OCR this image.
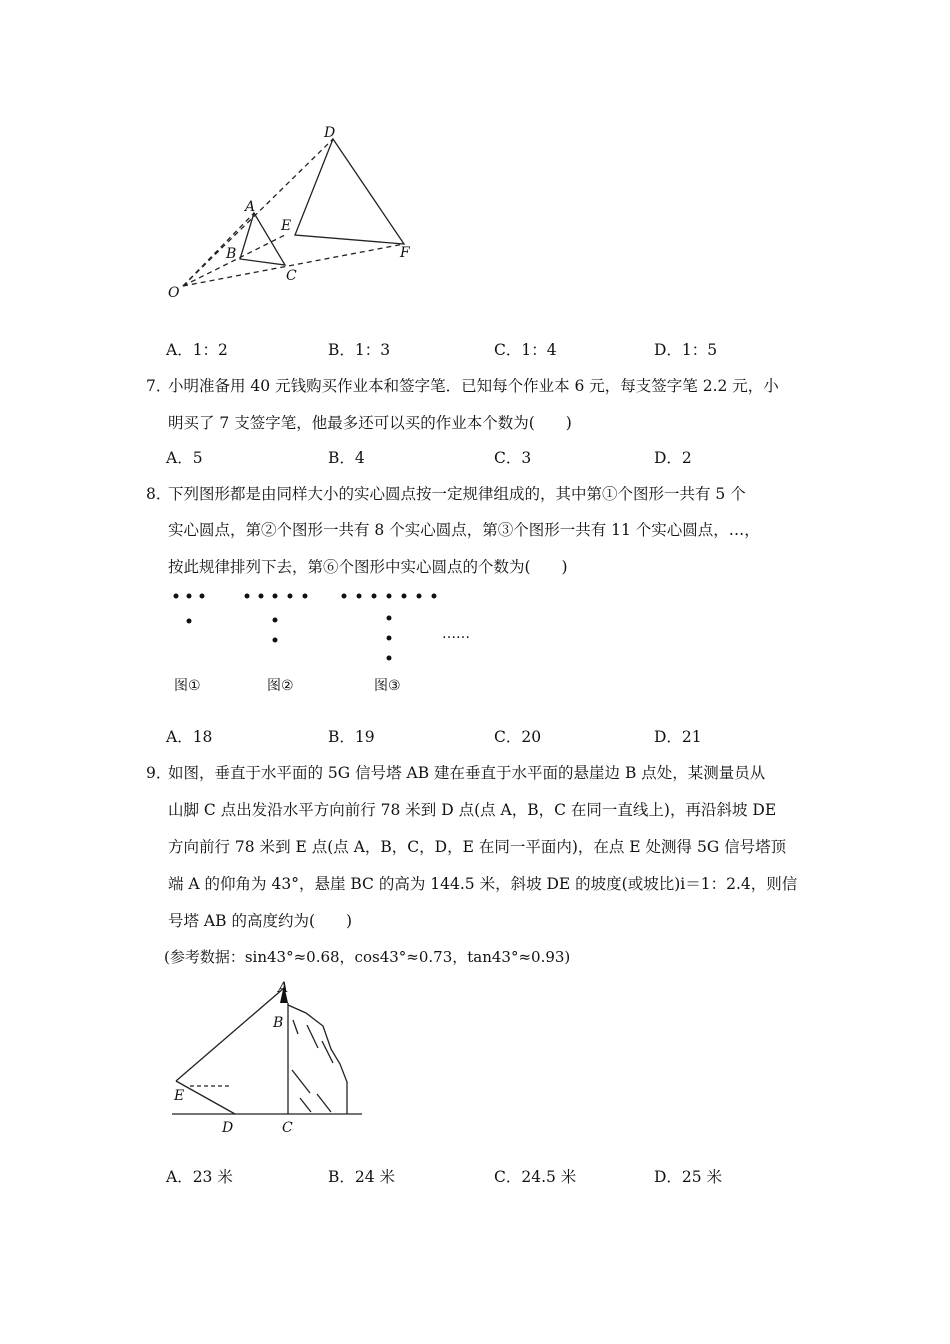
O
A
B
C
D
E
F
A．1：2	B．1：3	C．1：4	D．1：5
7．
小明准备用 40 元钱购买作业本和签字笔．已知每个作业本 6 元，每支签字笔 2.2 元，小
明买了 7 支签字笔，他最多还可以买的作业本个数为(　　)
A．5	B．4	C．3	D．2
8．
下列图形都是由同样大小的实心圆点按一定规律组成的，其中第①个图形一共有 5 个
实心圆点，第②个图形一共有 8 个实心圆点，第③个图形一共有 11 个实心圆点，…，
按此规律排列下去，第⑥个图形中实心圆点的个数为(　　)
……
图①	图②	图③
A．18	B．19	C．20	D．21
9．
如图，垂直于水平面的 5G 信号塔 AB 建在垂直于水平面的悬崖边 B 点处，某测量员从
山脚 C 点出发沿水平方向前行 78 米到 D 点(点 A，B，C 在同一直线上)，再沿斜坡 DE
方向前行 78 米到 E 点(点 A，B，C，D，E 在同一平面内)，在点 E 处测得 5G 信号塔顶
端 A 的仰角为 43°，悬崖 BC 的高为 144.5 米，斜坡 DE 的坡度(或坡比)i＝1：2.4，则信
号塔 AB 的高度约为(　　)
(参考数据：sin43°≈0.68，cos43°≈0.73，tan43°≈0.93)
A
B
E
D	C
A．23 米	B．24 米	C．24.5 米	D．25 米
